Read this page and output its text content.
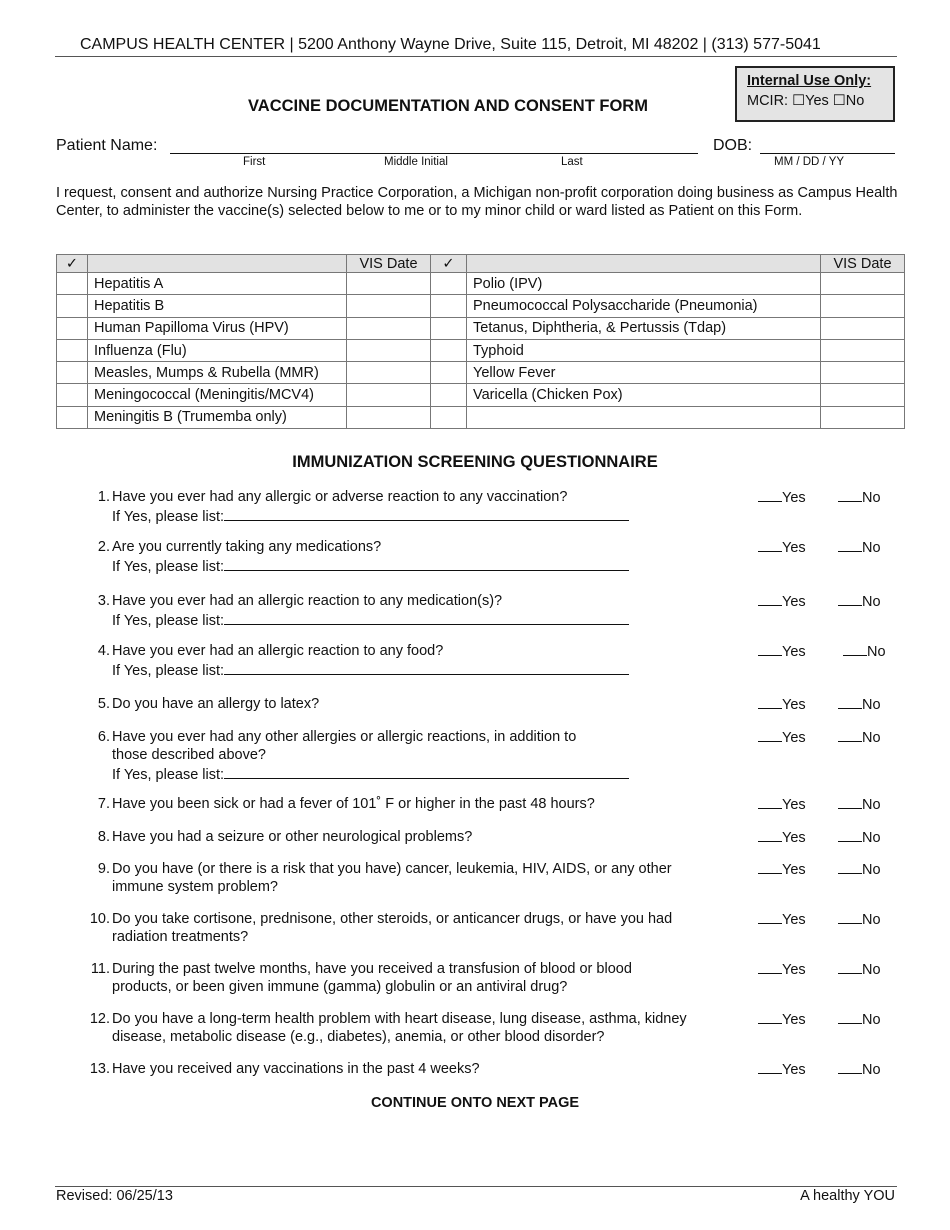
CAMPUS HEALTH CENTER | 5200 Anthony Wayne Drive, Suite 115, Detroit, MI 48202 | (313) 577-5041
VACCINE DOCUMENTATION AND CONSENT FORM
Internal Use Only:
MCIR: ☐Yes ☐No
Patient Name:
First	Middle Initial	Last
DOB:
MM / DD / YY
I request, consent and authorize Nursing Practice Corporation, a Michigan non-profit corporation doing business as Campus Health Center, to administer the vaccine(s) selected below to me or to my minor child or ward listed as Patient on this Form.
✓		VIS Date	✓		VIS Date
	Hepatitis A			Polio (IPV)	
	Hepatitis B			Pneumococcal Polysaccharide (Pneumonia)	
	Human Papilloma Virus (HPV)			Tetanus, Diphtheria, & Pertussis (Tdap)	
	Influenza (Flu)			Typhoid	
	Measles, Mumps & Rubella (MMR)			Yellow Fever	
	Meningococcal (Meningitis/MCV4)			Varicella (Chicken Pox)	
	Meningitis B (Trumemba only)				
IMMUNIZATION SCREENING QUESTIONNAIRE
1. Have you ever had any allergic or adverse reaction to any vaccination?
If Yes, please list:
Yes	No
2. Are you currently taking any medications?
If Yes, please list:
Yes	No
3. Have you ever had an allergic reaction to any medication(s)?
If Yes, please list:
Yes	No
4. Have you ever had an allergic reaction to any food?
If Yes, please list:
Yes	No
5. Do you have an allergy to latex?	Yes	No
6. Have you ever had any other allergies or allergic reactions, in addition to those described above?
If Yes, please list:
Yes	No
7. Have you been sick or had a fever of 101˚ F or higher in the past 48 hours?	Yes	No
8. Have you had a seizure or other neurological problems?	Yes	No
9. Do you have (or there is a risk that you have) cancer, leukemia, HIV, AIDS, or any other immune system problem?
Yes	No
10. Do you take cortisone, prednisone, other steroids, or anticancer drugs, or have you had radiation treatments?
Yes	No
11. During the past twelve months, have you received a transfusion of blood or blood products, or been given immune (gamma) globulin or an antiviral drug?
Yes	No
12. Do you have a long-term health problem with heart disease, lung disease, asthma, kidney disease, metabolic disease (e.g., diabetes), anemia, or other blood disorder?
Yes	No
13. Have you received any vaccinations in the past 4 weeks?	Yes	No
CONTINUE ONTO NEXT PAGE
Revised: 06/25/13	A healthy YOU
